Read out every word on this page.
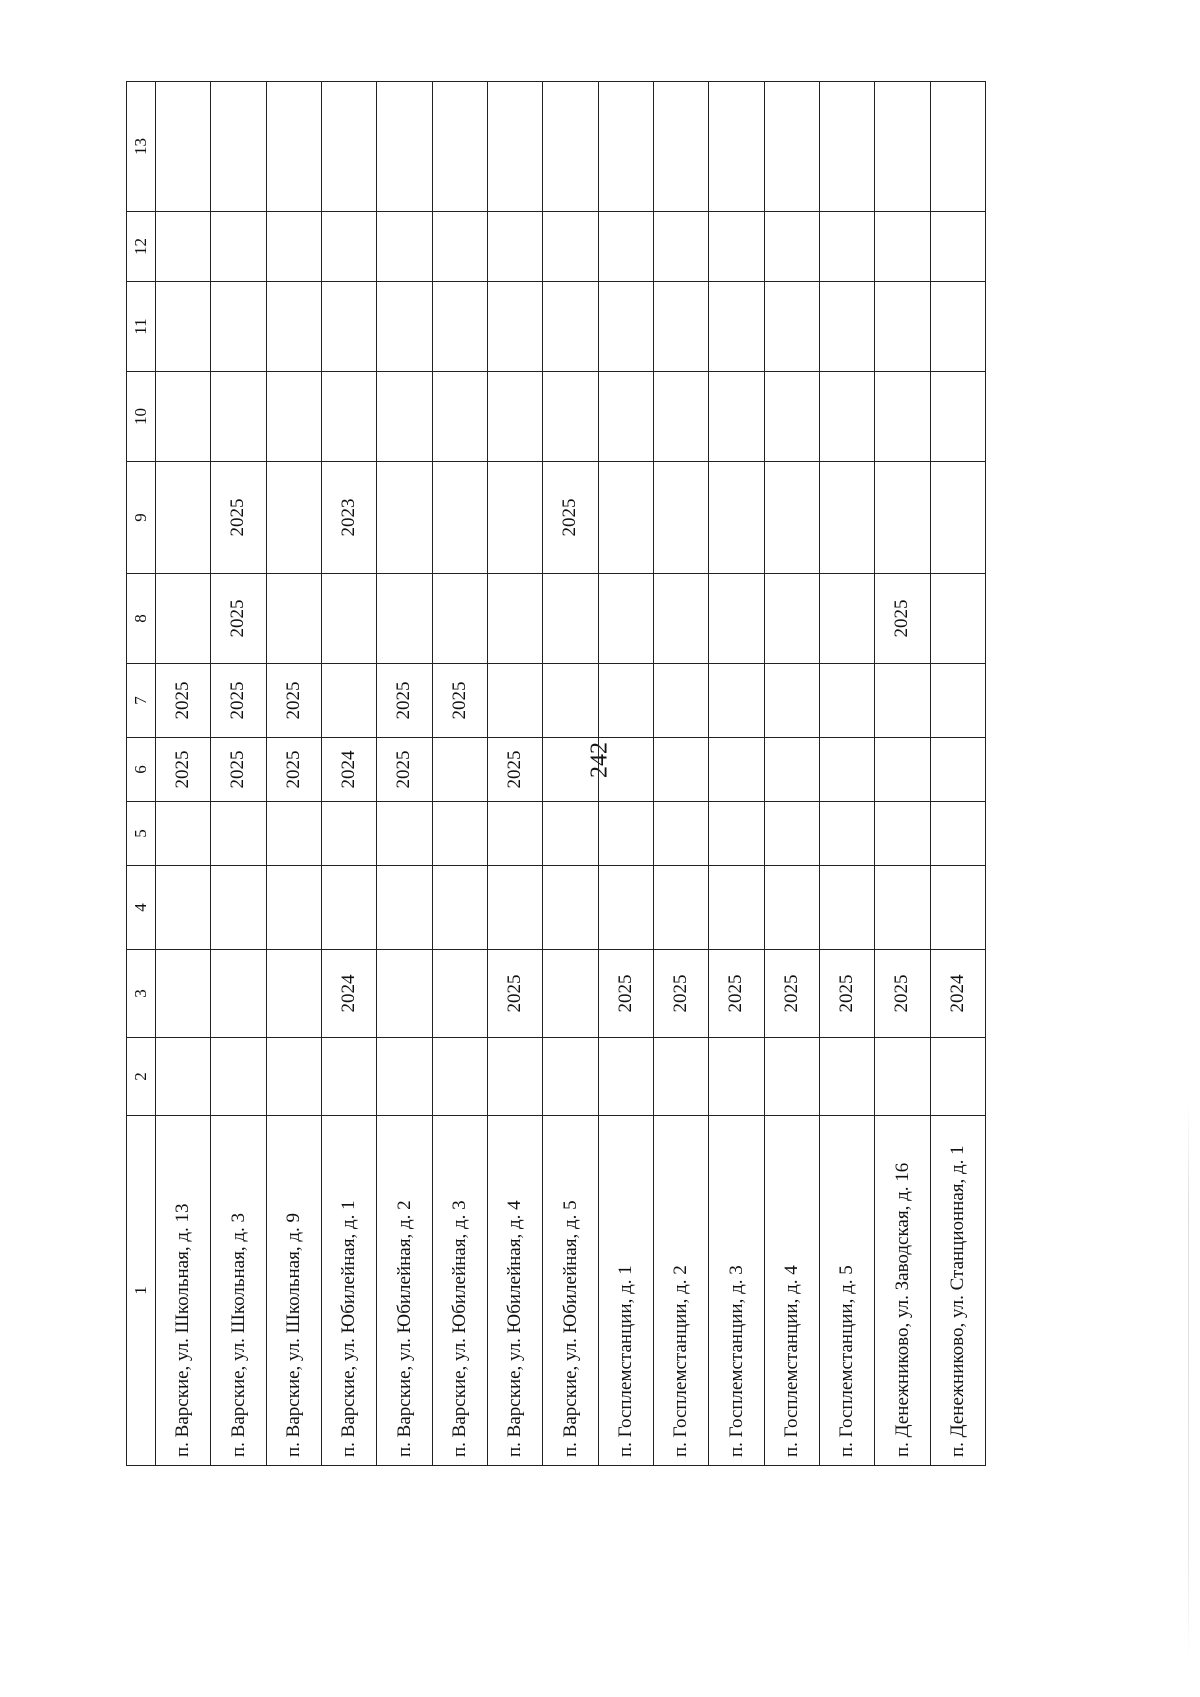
242
1	2	3	4	5	6	7	8	9	10	11	12	13
п. Варские, ул. Школьная, д. 13					2025	2025						
п. Варские, ул. Школьная, д. 3					2025	2025	2025	2025				
п. Варские, ул. Школьная, д. 9					2025	2025						
п. Варские, ул. Юбилейная, д. 1		2024			2024			2023				
п. Варские, ул. Юбилейная, д. 2					2025	2025						
п. Варские, ул. Юбилейная, д. 3						2025						
п. Варские, ул. Юбилейная, д. 4		2025			2025							
п. Варские, ул. Юбилейная, д. 5								2025				
п. Госплемстанции, д. 1		2025										
п. Госплемстанции, д. 2		2025										
п. Госплемстанции, д. 3		2025										
п. Госплемстанции, д. 4		2025										
п. Госплемстанции, д. 5		2025										
п. Денежниково, ул. Заводская, д. 16		2025					2025					
п. Денежниково, ул. Станционная, д. 1		2024										
